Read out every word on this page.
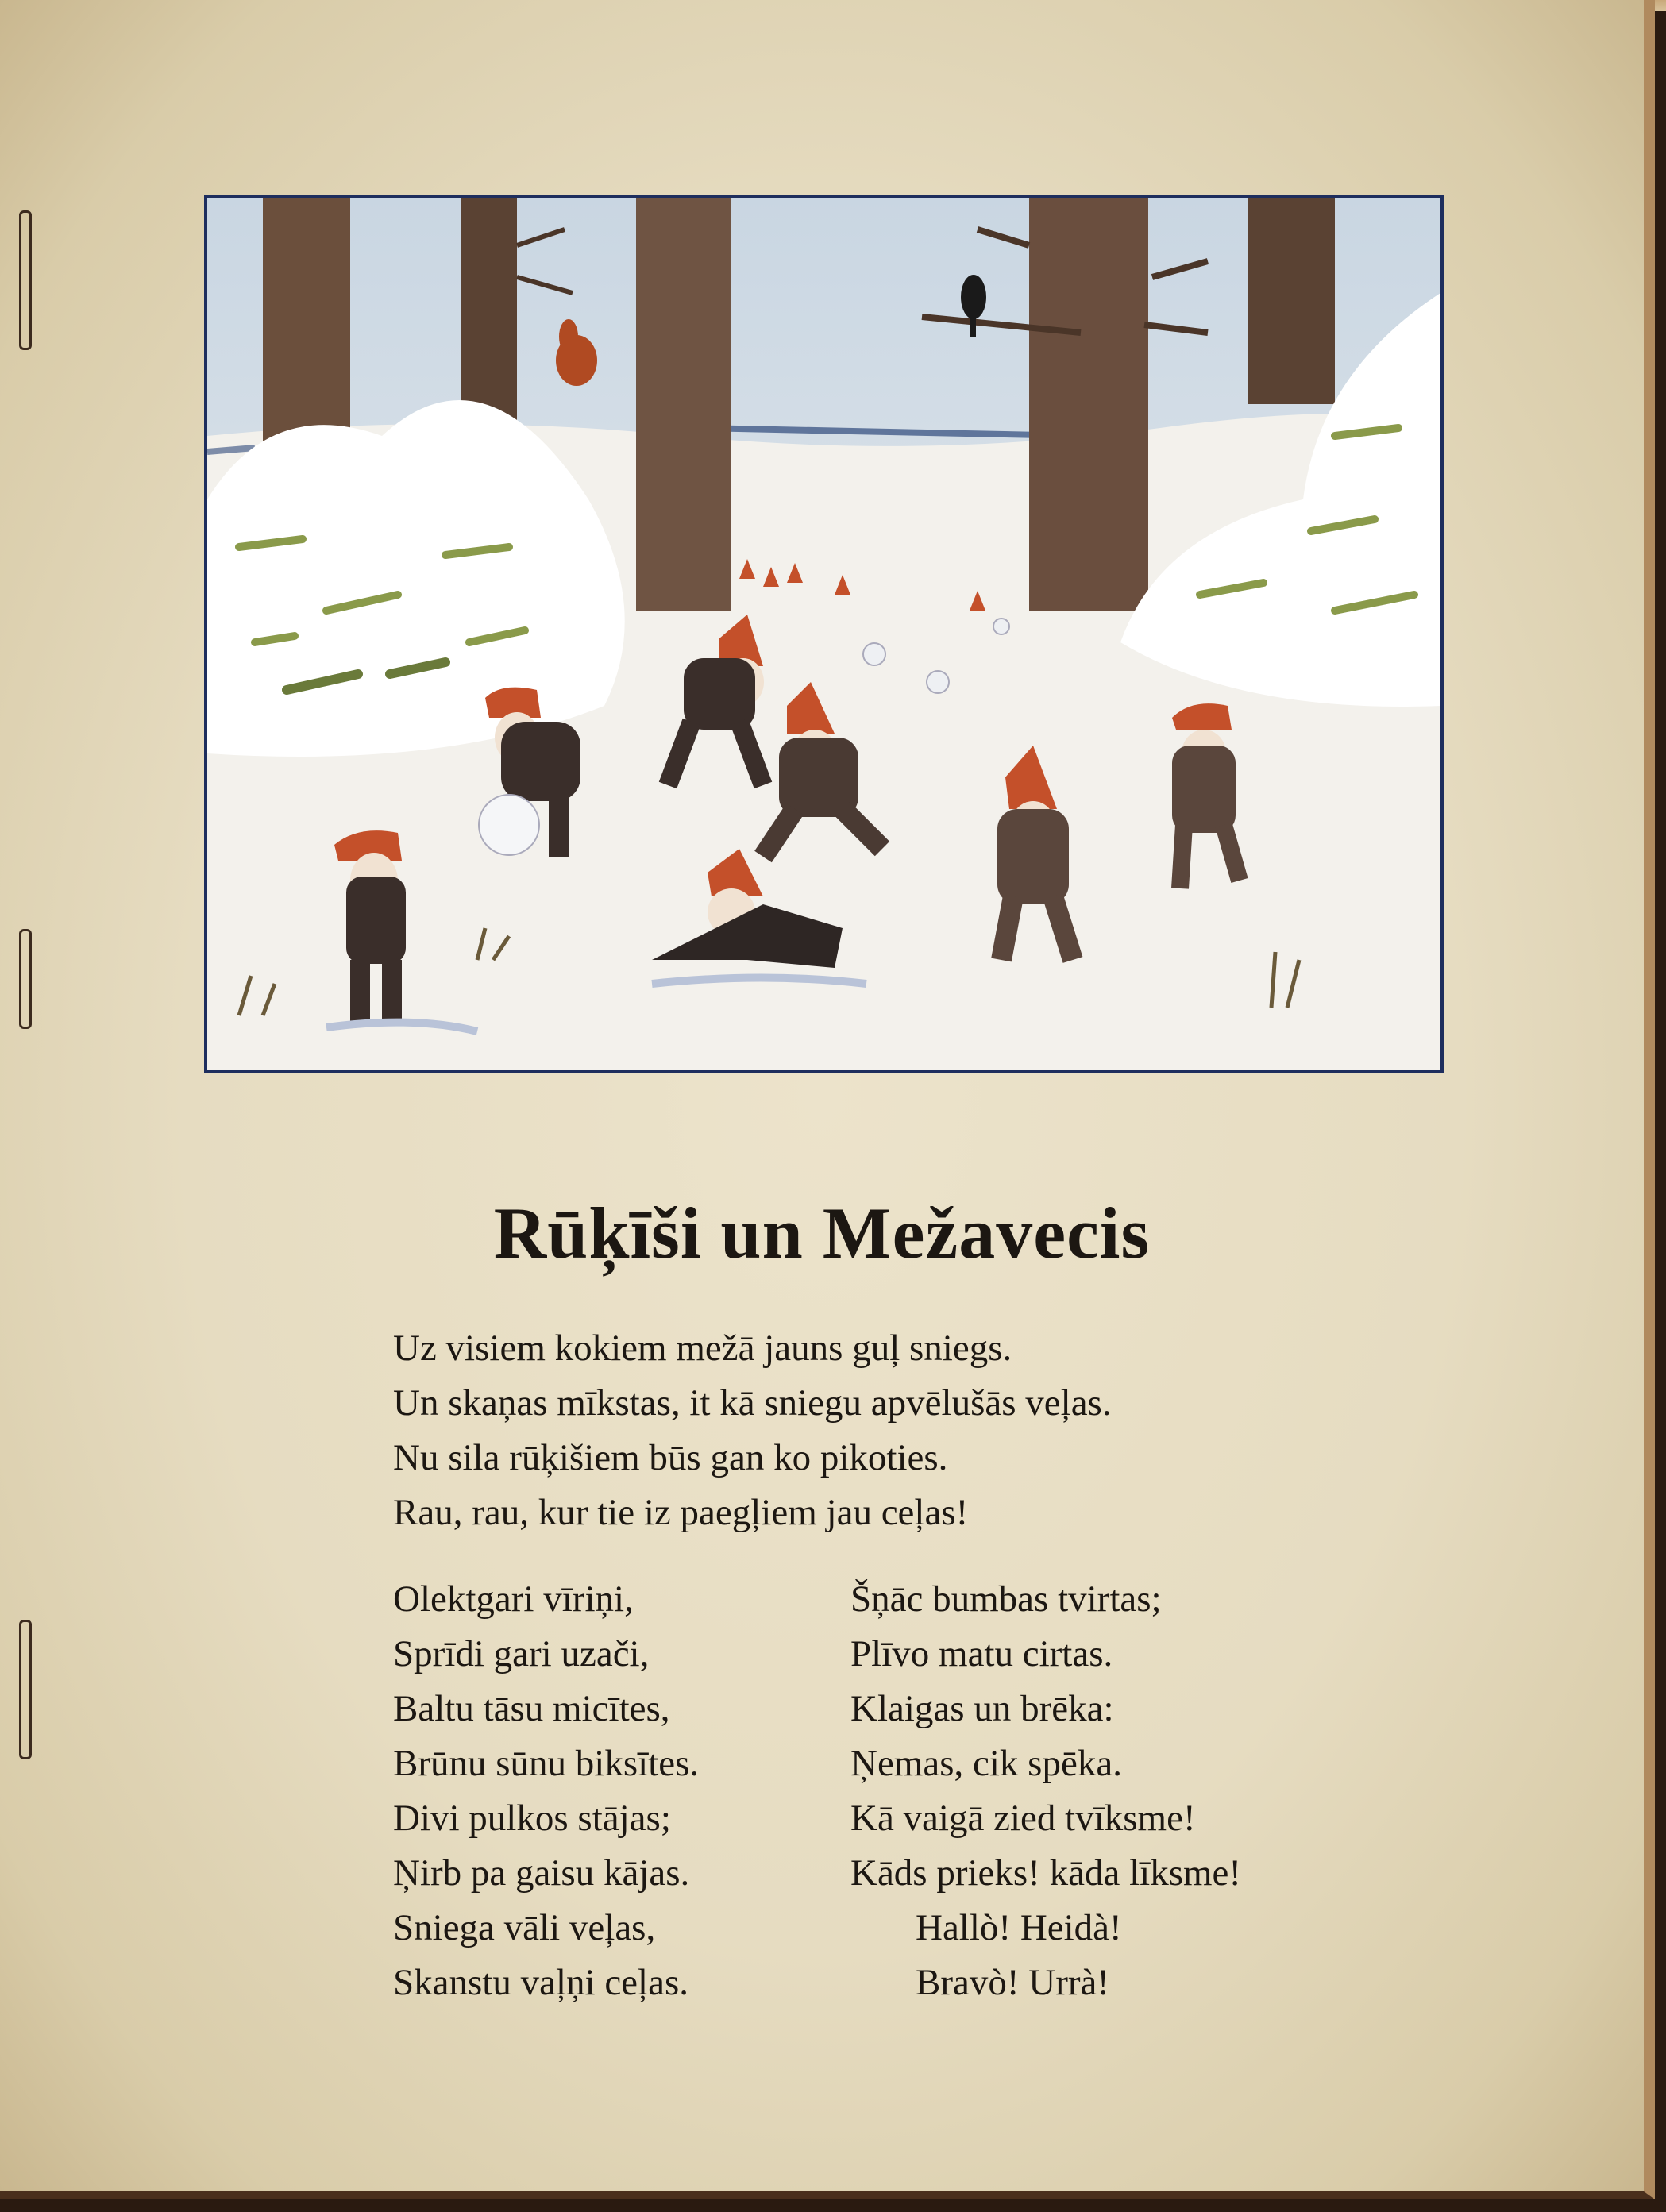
Rūķīši un Mežavecis
Uz visiem kokiem mežā jauns guļ sniegs.
Un skaņas mīkstas, it kā sniegu apvēlušās veļas.
Nu sila rūķišiem būs gan ko pikoties.
Rau, rau, kur tie iz paegļiem jau ceļas!
Olektgari vīriņi,
Sprīdi gari uzači,
Baltu tāsu micītes,
Brūnu sūnu biksītes.
Divi pulkos stājas;
Ņirb pa gaisu kājas.
Sniega vāli veļas,
Skanstu vaļņi ceļas.
Šņāc bumbas tvirtas;
Plīvo matu cirtas.
Klaigas un brēka:
Ņemas, cik spēka.
Kā vaigā zied tvīksme!
Kāds prieks! kāda līksme!
Hallò! Heidà!
Bravò! Urrà!
